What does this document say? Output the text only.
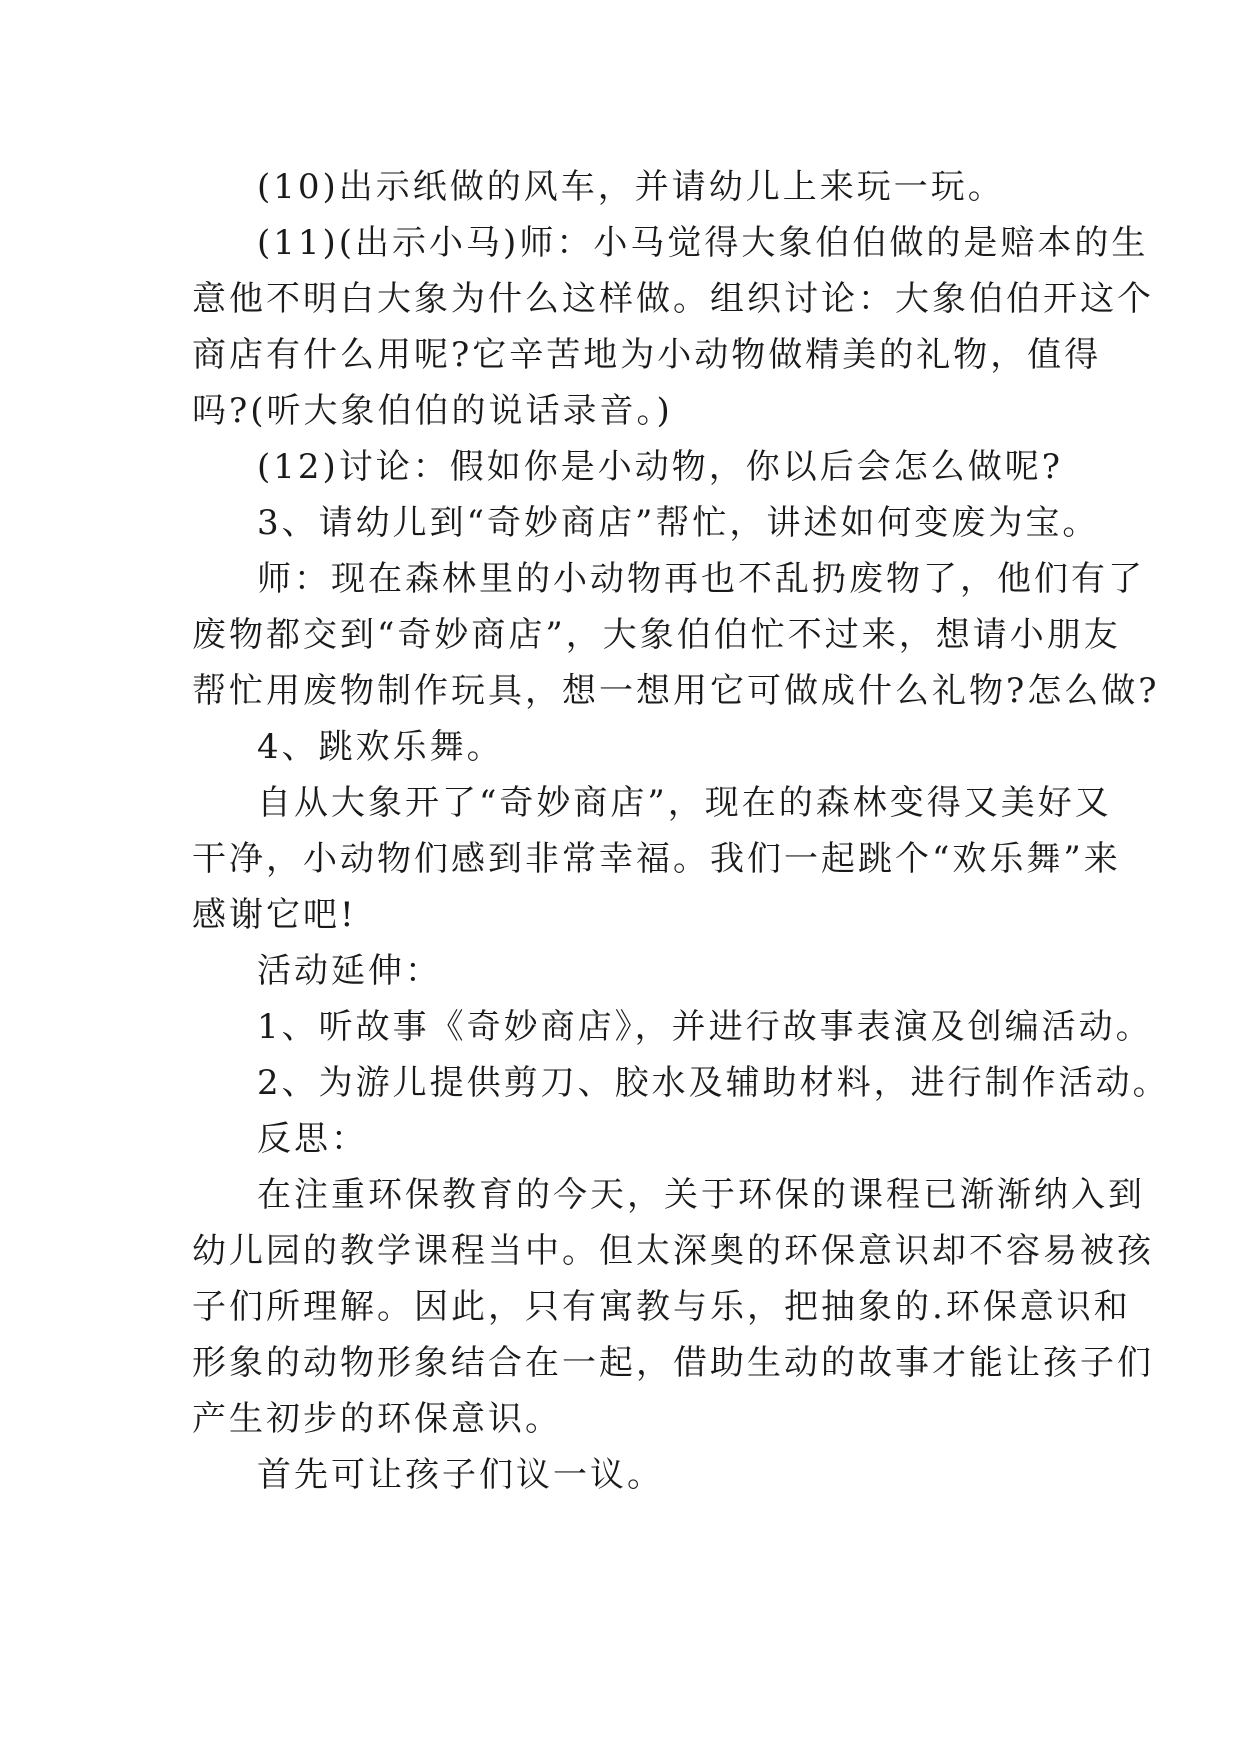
(10)出示纸做的风车，并请幼儿上来玩一玩。
(11)(出示小马)师：小马觉得大象伯伯做的是赔本的生
意他不明白大象为什么这样做。组织讨论：大象伯伯开这个
商店有什么用呢?它辛苦地为小动物做精美的礼物，值得
吗?(听大象伯伯的说话录音。)
(12)讨论：假如你是小动物，你以后会怎么做呢?
3、请幼儿到“奇妙商店”帮忙，讲述如何变废为宝。
师：现在森林里的小动物再也不乱扔废物了，他们有了
废物都交到“奇妙商店”，大象伯伯忙不过来，想请小朋友
帮忙用废物制作玩具，想一想用它可做成什么礼物?怎么做?
4、跳欢乐舞。
自从大象开了“奇妙商店”，现在的森林变得又美好又
干净，小动物们感到非常幸福。我们一起跳个“欢乐舞”来
感谢它吧!
活动延伸：
1、听故事《奇妙商店》，并进行故事表演及创编活动。
2、为游儿提供剪刀、胶水及辅助材料，进行制作活动。
反思：
在注重环保教育的今天，关于环保的课程已渐渐纳入到
幼儿园的教学课程当中。但太深奥的环保意识却不容易被孩
子们所理解。因此，只有寓教与乐，把抽象的.环保意识和
形象的动物形象结合在一起，借助生动的故事才能让孩子们
产生初步的环保意识。
首先可让孩子们议一议。
